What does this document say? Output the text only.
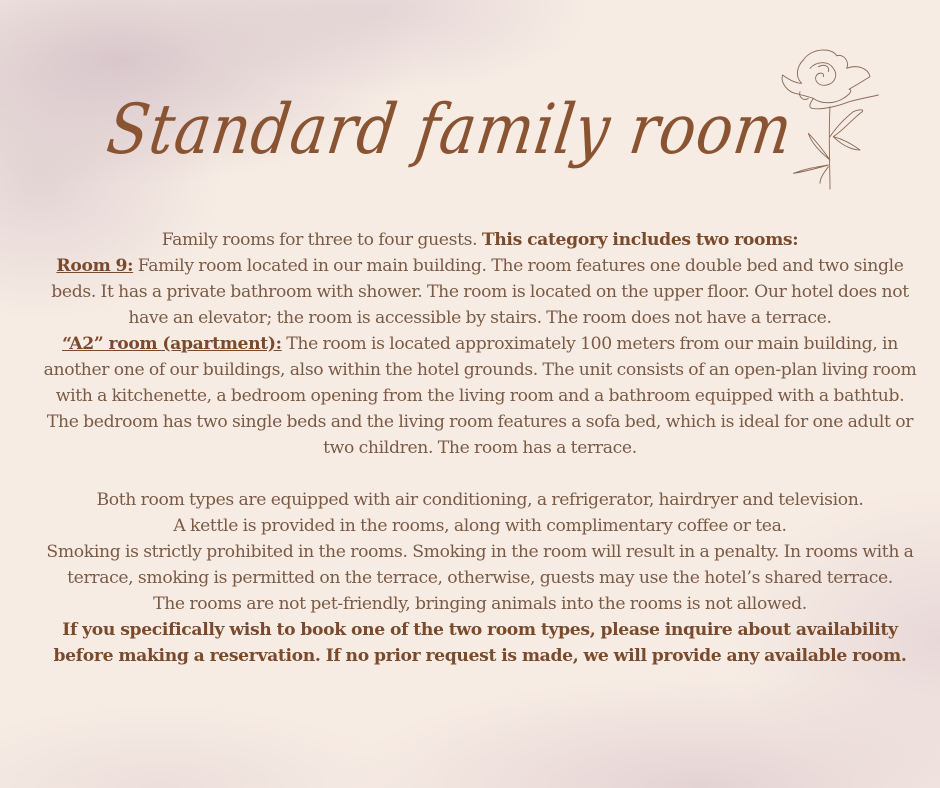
Standard family room

Family rooms for three to four guests. This category includes two rooms:

Room 9: Family room located in our main building. The room features one double bed and two single beds. It has a private bathroom with shower. The room is located on the upper floor. Our hotel does not have an elevator; the room is accessible by stairs. The room does not have a terrace.

“A2” room (apartment): The room is located approximately 100 meters from our main building, in another one of our buildings, also within the hotel grounds. The unit consists of an open-plan living room with a kitchenette, a bedroom opening from the living room and a bathroom equipped with a bathtub. The bedroom has two single beds and the living room features a sofa bed, which is ideal for one adult or two children. The room has a terrace.

Both room types are equipped with air conditioning, a refrigerator, hairdryer and television.

A kettle is provided in the rooms, along with complimentary coffee or tea.

Smoking is strictly prohibited in the rooms. Smoking in the room will result in a penalty. In rooms with a terrace, smoking is permitted on the terrace, otherwise, guests may use the hotel’s shared terrace.

The rooms are not pet-friendly, bringing animals into the rooms is not allowed.

If you specifically wish to book one of the two room types, please inquire about availability before making a reservation. If no prior request is made, we will provide any available room.
